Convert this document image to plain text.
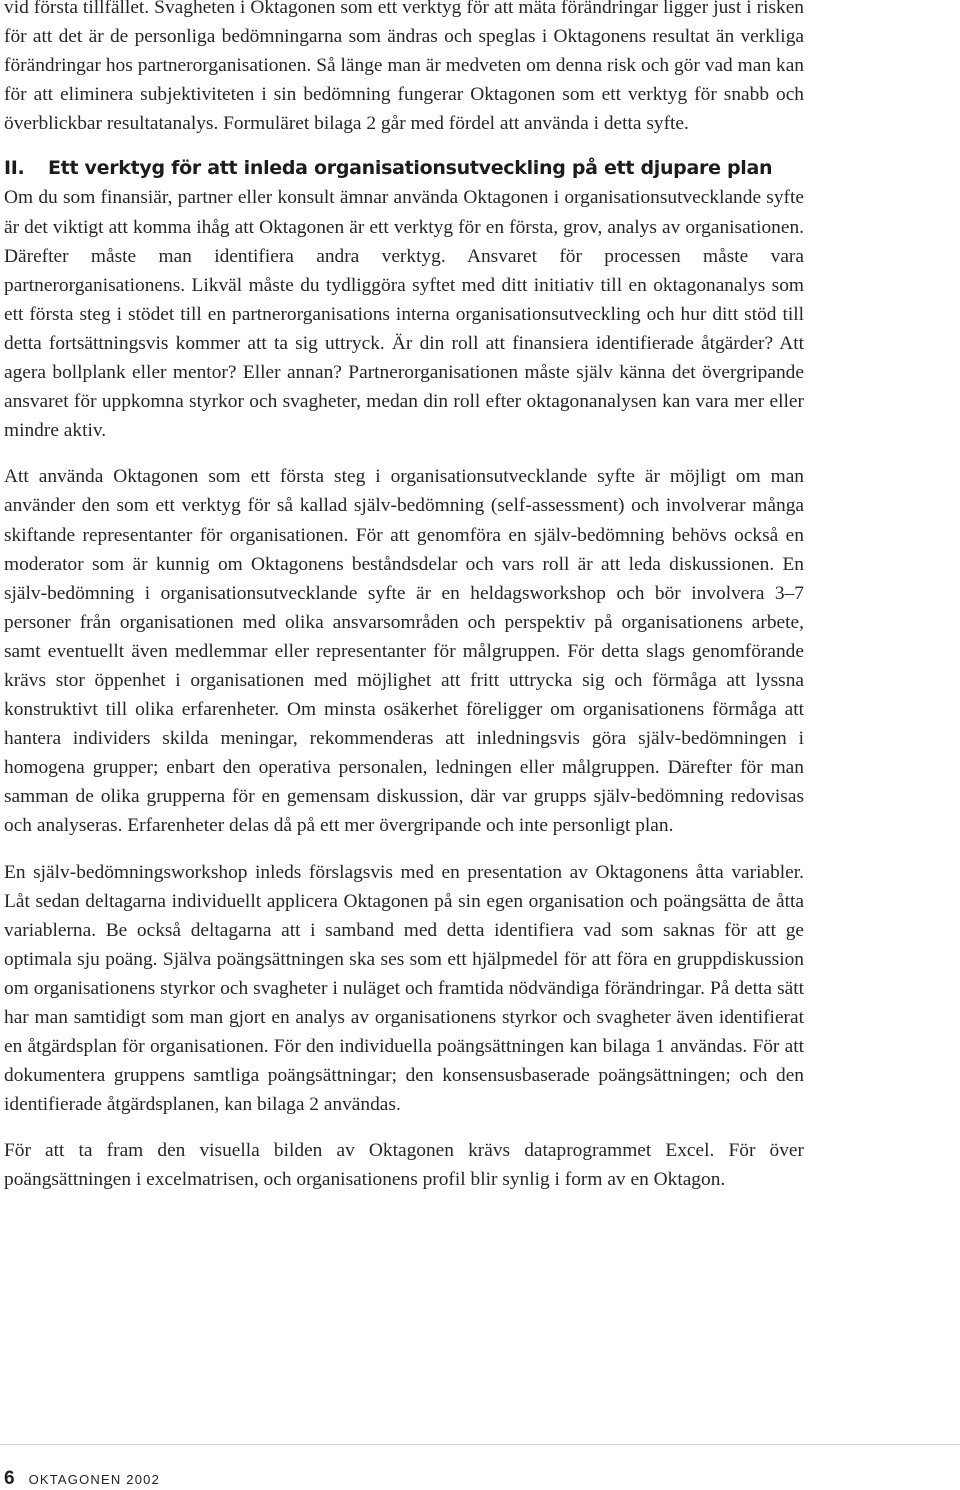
vid första tillfället. Svagheten i Oktagonen som ett verktyg för att mäta förändringar ligger just i risken för att det är de personliga bedömningarna som ändras och speglas i Oktagonens resultat än verkliga förändringar hos partnerorganisationen. Så länge man är medveten om denna risk och gör vad man kan för att eliminera subjektiviteten i sin bedömning fungerar Oktagonen som ett verktyg för snabb och överblickbar resultatanalys. Formuläret bilaga 2 går med fördel att använda i detta syfte.

II. Ett verktyg för att inleda organisationsutveckling på ett djupare plan

Om du som finansiär, partner eller konsult ämnar använda Oktagonen i organisationsutvecklande syfte är det viktigt att komma ihåg att Oktagonen är ett verktyg för en första, grov, analys av organisationen. Därefter måste man identifiera andra verktyg. Ansvaret för processen måste vara partnerorganisationens. Likväl måste du tydliggöra syftet med ditt initiativ till en oktagonanalys som ett första steg i stödet till en partnerorganisations interna organisationsutveckling och hur ditt stöd till detta fortsättningsvis kommer att ta sig uttryck. Är din roll att finansiera identifierade åtgärder? Att agera bollplank eller mentor? Eller annan? Partnerorganisationen måste själv känna det övergripande ansvaret för uppkomna styrkor och svagheter, medan din roll efter oktagonanalysen kan vara mer eller mindre aktiv.

Att använda Oktagonen som ett första steg i organisationsutvecklande syfte är möjligt om man använder den som ett verktyg för så kallad själv-bedömning (self-assessment) och involverar många skiftande representanter för organisationen. För att genomföra en själv-bedömning behövs också en moderator som är kunnig om Oktagonens beståndsdelar och vars roll är att leda diskussionen. En själv-bedömning i organisationsutvecklande syfte är en heldagsworkshop och bör involvera 3–7 personer från organisationen med olika ansvarsområden och perspektiv på organisationens arbete, samt eventuellt även medlemmar eller representanter för målgruppen. För detta slags genomförande krävs stor öppenhet i organisationen med möjlighet att fritt uttrycka sig och förmåga att lyssna konstruktivt till olika erfarenheter. Om minsta osäkerhet föreligger om organisationens förmåga att hantera individers skilda meningar, rekommenderas att inledningsvis göra själv-bedömningen i homogena grupper; enbart den operativa personalen, ledningen eller målgruppen. Därefter för man samman de olika grupperna för en gemensam diskussion, där var grupps själv-bedömning redovisas och analyseras. Erfarenheter delas då på ett mer övergripande och inte personligt plan.

En själv-bedömningsworkshop inleds förslagsvis med en presentation av Oktagonens åtta variabler. Låt sedan deltagarna individuellt applicera Oktagonen på sin egen organisation och poängsätta de åtta variablerna. Be också deltagarna att i samband med detta identifiera vad som saknas för att ge optimala sju poäng. Själva poängsättningen ska ses som ett hjälpmedel för att föra en gruppdiskussion om organisationens styrkor och svagheter i nuläget och framtida nödvändiga förändringar. På detta sätt har man samtidigt som man gjort en analys av organisationens styrkor och svagheter även identifierat en åtgärdsplan för organisationen. För den individuella poängsättningen kan bilaga 1 användas. För att dokumentera gruppens samtliga poängsättningar; den konsensusbaserade poängsättningen; och den identifierade åtgärdsplanen, kan bilaga 2 användas.

För att ta fram den visuella bilden av Oktagonen krävs dataprogrammet Excel. För över poängsättningen i excelmatrisen, och organisationens profil blir synlig i form av en Oktagon.

6 OKTAGONEN 2002
